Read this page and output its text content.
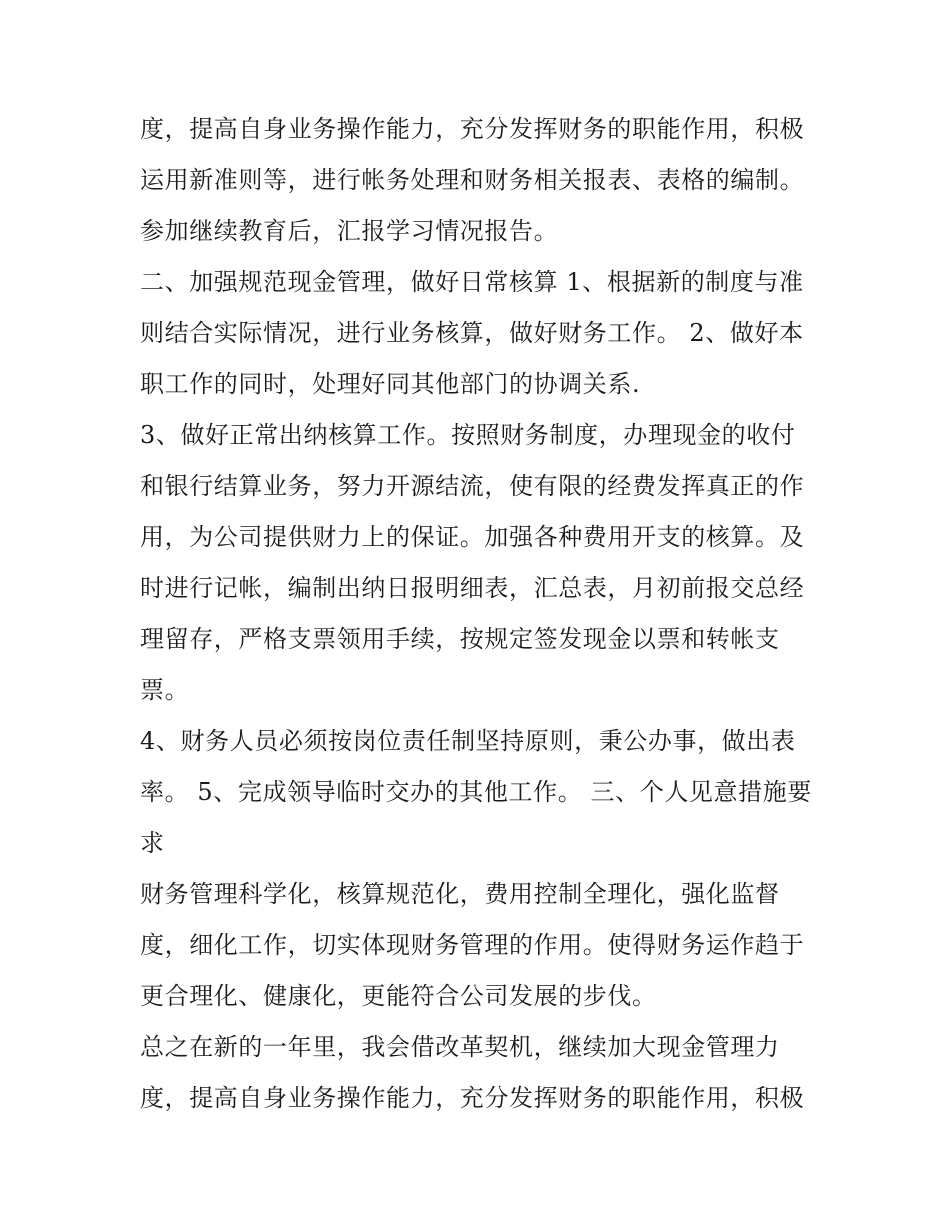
度，提高自身业务操作能力，充分发挥财务的职能作用，积极
运用新准则等，进行帐务处理和财务相关报表、表格的编制。
参加继续教育后，汇报学习情况报告。
二、加强规范现金管理，做好日常核算 1、根据新的制度与准
则结合实际情况，进行业务核算，做好财务工作。 2、做好本
职工作的同时，处理好同其他部门的协调关系.
3、做好正常出纳核算工作。按照财务制度，办理现金的收付
和银行结算业务，努力开源结流，使有限的经费发挥真正的作
用，为公司提供财力上的保证。加强各种费用开支的核算。及
时进行记帐，编制出纳日报明细表，汇总表，月初前报交总经
理留存，严格支票领用手续，按规定签发现金以票和转帐支
票。
4、财务人员必须按岗位责任制坚持原则，秉公办事，做出表
率。 5、完成领导临时交办的其他工作。 三、个人见意措施要
求
财务管理科学化，核算规范化，费用控制全理化，强化监督
度，细化工作，切实体现财务管理的作用。使得财务运作趋于
更合理化、健康化，更能符合公司发展的步伐。
总之在新的一年里，我会借改革契机，继续加大现金管理力
度，提高自身业务操作能力，充分发挥财务的职能作用，积极
